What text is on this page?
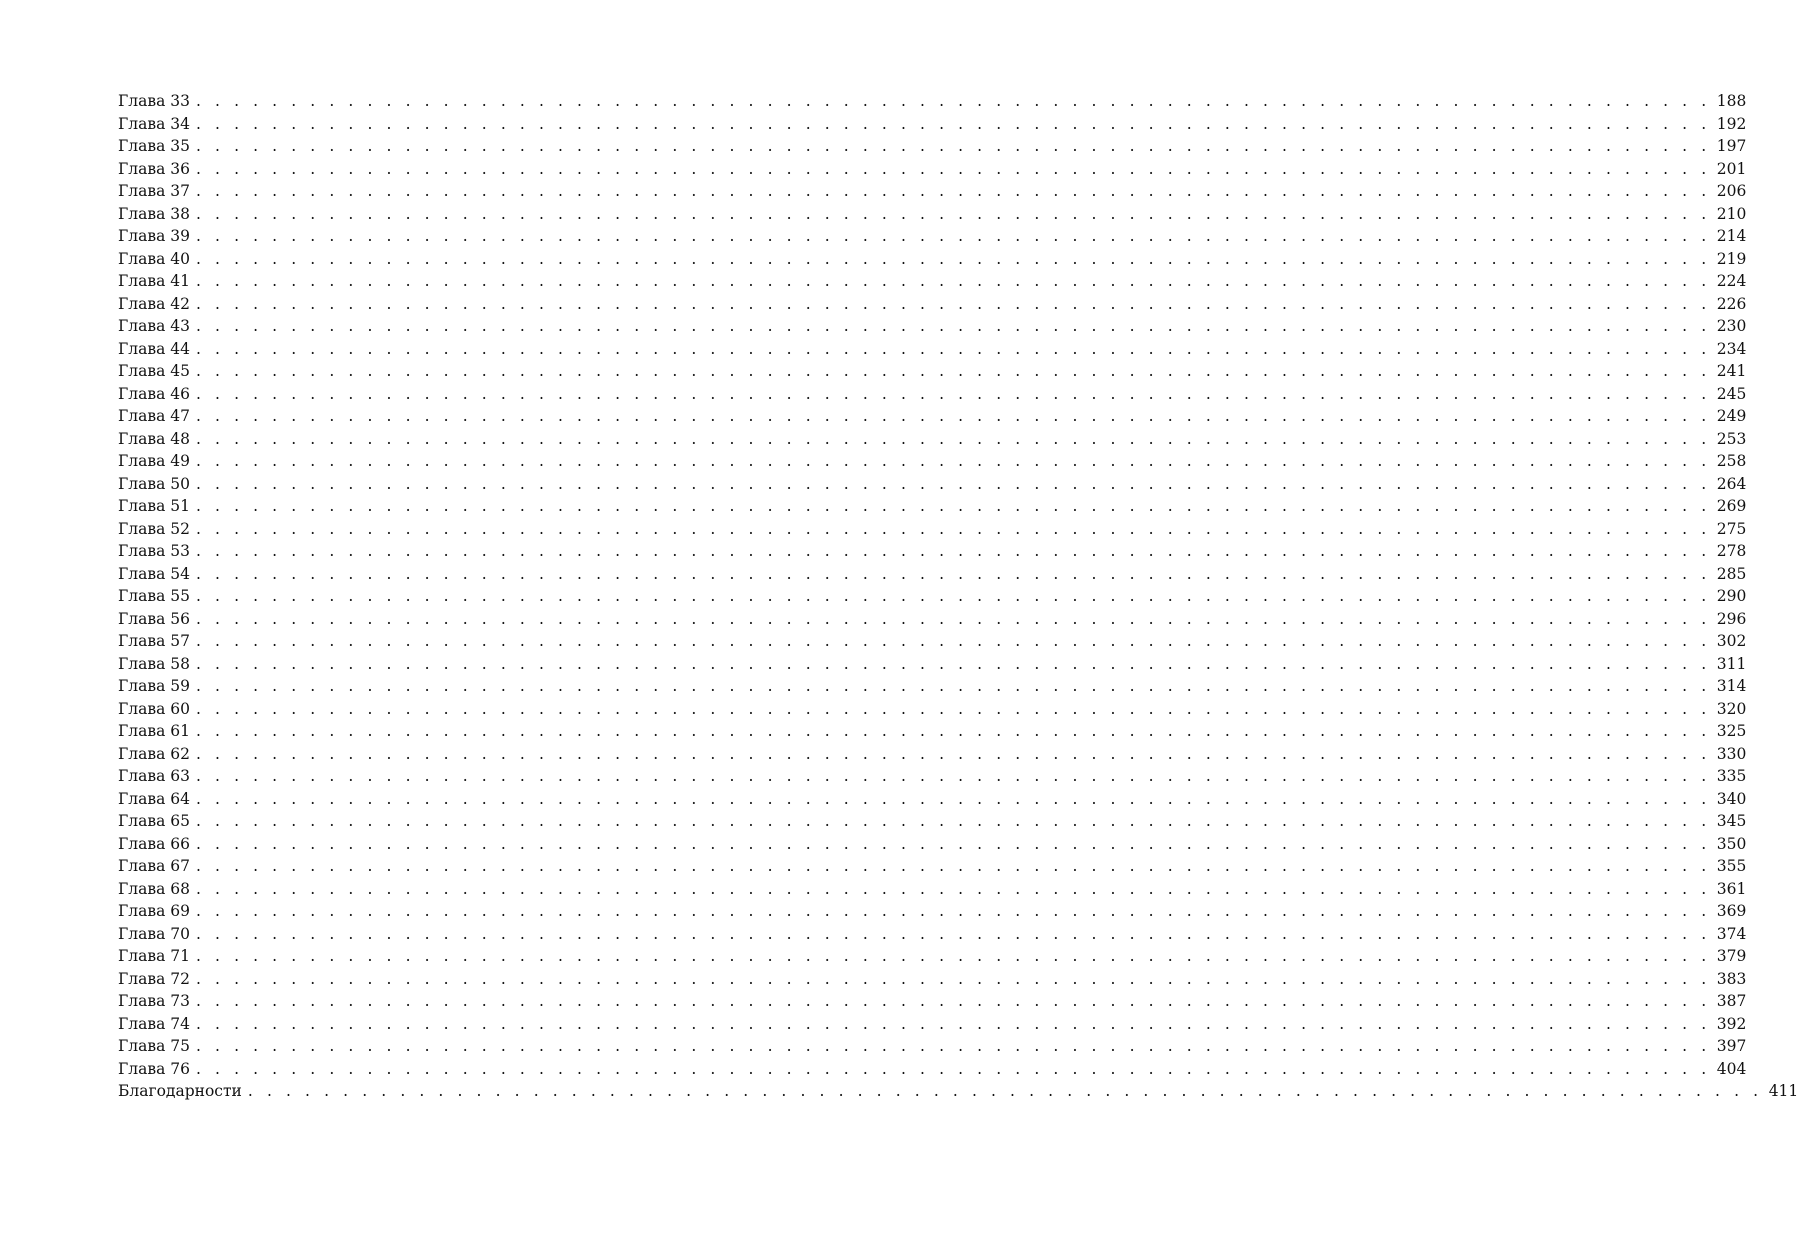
Глава 33 . . . . . . . . . . . . . . . . . . . . . . . . . . . . . . . . . . . . . . . . . . . . . . . . . . . . . . . . . . . . . . . . . . . . . . . . . . . . . . . . 188
Глава 34 . . . . . . . . . . . . . . . . . . . . . . . . . . . . . . . . . . . . . . . . . . . . . . . . . . . . . . . . . . . . . . . . . . . . . . . . . . . . . . . . 192
Глава 35 . . . . . . . . . . . . . . . . . . . . . . . . . . . . . . . . . . . . . . . . . . . . . . . . . . . . . . . . . . . . . . . . . . . . . . . . . . . . . . . . 197
Глава 36 . . . . . . . . . . . . . . . . . . . . . . . . . . . . . . . . . . . . . . . . . . . . . . . . . . . . . . . . . . . . . . . . . . . . . . . . . . . . . . . . 201
Глава 37 . . . . . . . . . . . . . . . . . . . . . . . . . . . . . . . . . . . . . . . . . . . . . . . . . . . . . . . . . . . . . . . . . . . . . . . . . . . . . . . . 206
Глава 38 . . . . . . . . . . . . . . . . . . . . . . . . . . . . . . . . . . . . . . . . . . . . . . . . . . . . . . . . . . . . . . . . . . . . . . . . . . . . . . . . 210
Глава 39 . . . . . . . . . . . . . . . . . . . . . . . . . . . . . . . . . . . . . . . . . . . . . . . . . . . . . . . . . . . . . . . . . . . . . . . . . . . . . . . . 214
Глава 40 . . . . . . . . . . . . . . . . . . . . . . . . . . . . . . . . . . . . . . . . . . . . . . . . . . . . . . . . . . . . . . . . . . . . . . . . . . . . . . . . 219
Глава 41 . . . . . . . . . . . . . . . . . . . . . . . . . . . . . . . . . . . . . . . . . . . . . . . . . . . . . . . . . . . . . . . . . . . . . . . . . . . . . . . . 224
Глава 42 . . . . . . . . . . . . . . . . . . . . . . . . . . . . . . . . . . . . . . . . . . . . . . . . . . . . . . . . . . . . . . . . . . . . . . . . . . . . . . . . 226
Глава 43 . . . . . . . . . . . . . . . . . . . . . . . . . . . . . . . . . . . . . . . . . . . . . . . . . . . . . . . . . . . . . . . . . . . . . . . . . . . . . . . . 230
Глава 44 . . . . . . . . . . . . . . . . . . . . . . . . . . . . . . . . . . . . . . . . . . . . . . . . . . . . . . . . . . . . . . . . . . . . . . . . . . . . . . . . 234
Глава 45 . . . . . . . . . . . . . . . . . . . . . . . . . . . . . . . . . . . . . . . . . . . . . . . . . . . . . . . . . . . . . . . . . . . . . . . . . . . . . . . . 241
Глава 46 . . . . . . . . . . . . . . . . . . . . . . . . . . . . . . . . . . . . . . . . . . . . . . . . . . . . . . . . . . . . . . . . . . . . . . . . . . . . . . . . 245
Глава 47 . . . . . . . . . . . . . . . . . . . . . . . . . . . . . . . . . . . . . . . . . . . . . . . . . . . . . . . . . . . . . . . . . . . . . . . . . . . . . . . . 249
Глава 48 . . . . . . . . . . . . . . . . . . . . . . . . . . . . . . . . . . . . . . . . . . . . . . . . . . . . . . . . . . . . . . . . . . . . . . . . . . . . . . . . 253
Глава 49 . . . . . . . . . . . . . . . . . . . . . . . . . . . . . . . . . . . . . . . . . . . . . . . . . . . . . . . . . . . . . . . . . . . . . . . . . . . . . . . . 258
Глава 50 . . . . . . . . . . . . . . . . . . . . . . . . . . . . . . . . . . . . . . . . . . . . . . . . . . . . . . . . . . . . . . . . . . . . . . . . . . . . . . . . 264
Глава 51 . . . . . . . . . . . . . . . . . . . . . . . . . . . . . . . . . . . . . . . . . . . . . . . . . . . . . . . . . . . . . . . . . . . . . . . . . . . . . . . . 269
Глава 52 . . . . . . . . . . . . . . . . . . . . . . . . . . . . . . . . . . . . . . . . . . . . . . . . . . . . . . . . . . . . . . . . . . . . . . . . . . . . . . . . 275
Глава 53 . . . . . . . . . . . . . . . . . . . . . . . . . . . . . . . . . . . . . . . . . . . . . . . . . . . . . . . . . . . . . . . . . . . . . . . . . . . . . . . . 278
Глава 54 . . . . . . . . . . . . . . . . . . . . . . . . . . . . . . . . . . . . . . . . . . . . . . . . . . . . . . . . . . . . . . . . . . . . . . . . . . . . . . . . 285
Глава 55 . . . . . . . . . . . . . . . . . . . . . . . . . . . . . . . . . . . . . . . . . . . . . . . . . . . . . . . . . . . . . . . . . . . . . . . . . . . . . . . . 290
Глава 56 . . . . . . . . . . . . . . . . . . . . . . . . . . . . . . . . . . . . . . . . . . . . . . . . . . . . . . . . . . . . . . . . . . . . . . . . . . . . . . . . 296
Глава 57 . . . . . . . . . . . . . . . . . . . . . . . . . . . . . . . . . . . . . . . . . . . . . . . . . . . . . . . . . . . . . . . . . . . . . . . . . . . . . . . . 302
Глава 58 . . . . . . . . . . . . . . . . . . . . . . . . . . . . . . . . . . . . . . . . . . . . . . . . . . . . . . . . . . . . . . . . . . . . . . . . . . . . . . . . 311
Глава 59 . . . . . . . . . . . . . . . . . . . . . . . . . . . . . . . . . . . . . . . . . . . . . . . . . . . . . . . . . . . . . . . . . . . . . . . . . . . . . . . . 314
Глава 60 . . . . . . . . . . . . . . . . . . . . . . . . . . . . . . . . . . . . . . . . . . . . . . . . . . . . . . . . . . . . . . . . . . . . . . . . . . . . . . . . 320
Глава 61 . . . . . . . . . . . . . . . . . . . . . . . . . . . . . . . . . . . . . . . . . . . . . . . . . . . . . . . . . . . . . . . . . . . . . . . . . . . . . . . . 325
Глава 62 . . . . . . . . . . . . . . . . . . . . . . . . . . . . . . . . . . . . . . . . . . . . . . . . . . . . . . . . . . . . . . . . . . . . . . . . . . . . . . . . 330
Глава 63 . . . . . . . . . . . . . . . . . . . . . . . . . . . . . . . . . . . . . . . . . . . . . . . . . . . . . . . . . . . . . . . . . . . . . . . . . . . . . . . . 335
Глава 64 . . . . . . . . . . . . . . . . . . . . . . . . . . . . . . . . . . . . . . . . . . . . . . . . . . . . . . . . . . . . . . . . . . . . . . . . . . . . . . . . 340
Глава 65 . . . . . . . . . . . . . . . . . . . . . . . . . . . . . . . . . . . . . . . . . . . . . . . . . . . . . . . . . . . . . . . . . . . . . . . . . . . . . . . . 345
Глава 66 . . . . . . . . . . . . . . . . . . . . . . . . . . . . . . . . . . . . . . . . . . . . . . . . . . . . . . . . . . . . . . . . . . . . . . . . . . . . . . . . 350
Глава 67 . . . . . . . . . . . . . . . . . . . . . . . . . . . . . . . . . . . . . . . . . . . . . . . . . . . . . . . . . . . . . . . . . . . . . . . . . . . . . . . . 355
Глава 68 . . . . . . . . . . . . . . . . . . . . . . . . . . . . . . . . . . . . . . . . . . . . . . . . . . . . . . . . . . . . . . . . . . . . . . . . . . . . . . . . 361
Глава 69 . . . . . . . . . . . . . . . . . . . . . . . . . . . . . . . . . . . . . . . . . . . . . . . . . . . . . . . . . . . . . . . . . . . . . . . . . . . . . . . . 369
Глава 70 . . . . . . . . . . . . . . . . . . . . . . . . . . . . . . . . . . . . . . . . . . . . . . . . . . . . . . . . . . . . . . . . . . . . . . . . . . . . . . . . 374
Глава 71 . . . . . . . . . . . . . . . . . . . . . . . . . . . . . . . . . . . . . . . . . . . . . . . . . . . . . . . . . . . . . . . . . . . . . . . . . . . . . . . . 379
Глава 72 . . . . . . . . . . . . . . . . . . . . . . . . . . . . . . . . . . . . . . . . . . . . . . . . . . . . . . . . . . . . . . . . . . . . . . . . . . . . . . . . 383
Глава 73 . . . . . . . . . . . . . . . . . . . . . . . . . . . . . . . . . . . . . . . . . . . . . . . . . . . . . . . . . . . . . . . . . . . . . . . . . . . . . . . . 387
Глава 74 . . . . . . . . . . . . . . . . . . . . . . . . . . . . . . . . . . . . . . . . . . . . . . . . . . . . . . . . . . . . . . . . . . . . . . . . . . . . . . . . 392
Глава 75 . . . . . . . . . . . . . . . . . . . . . . . . . . . . . . . . . . . . . . . . . . . . . . . . . . . . . . . . . . . . . . . . . . . . . . . . . . . . . . . . 397
Глава 76 . . . . . . . . . . . . . . . . . . . . . . . . . . . . . . . . . . . . . . . . . . . . . . . . . . . . . . . . . . . . . . . . . . . . . . . . . . . . . . . . 404
Благодарности . . . . . . . . . . . . . . . . . . . . . . . . . . . . . . . . . . . . . . . . . . . . . . . . . . . . . . . . . . . . . . . . . . . . . . . . . . . . . . . . 411
